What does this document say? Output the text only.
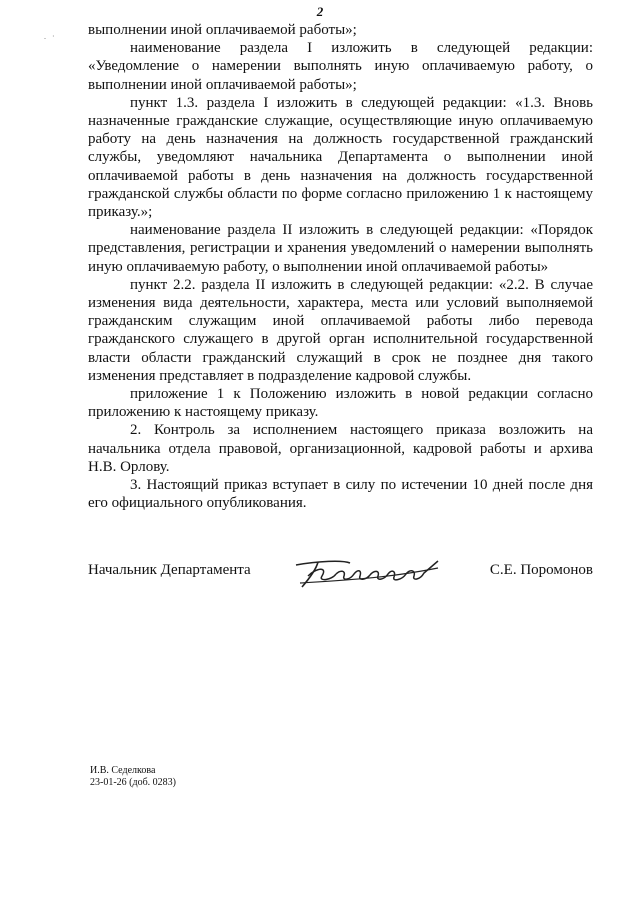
2
. · выполнении иной оплачиваемой работы»;

наименование раздела I изложить в следующей редакции: «Уведомление о намерении выполнять иную оплачиваемую работу, о выполнении иной оплачиваемой работы»;

пункт 1.3. раздела I изложить в следующей редакции: «1.3. Вновь назначенные гражданские служащие, осуществляющие иную оплачиваемую работу на день назначения на должность государственной гражданский службы, уведомляют начальника Департамента о выполнении иной оплачиваемой работы в день назначения на должность государственной гражданской службы области по форме согласно приложению 1 к настоящему приказу.»;

наименование раздела II изложить в следующей редакции: «Порядок представления, регистрации и хранения уведомлений о намерении выполнять иную оплачиваемую работу, о выполнении иной оплачиваемой работы»

пункт 2.2. раздела II изложить в следующей редакции: «2.2. В случае изменения вида деятельности, характера, места или условий выполняемой гражданским служащим иной оплачиваемой работы либо перевода гражданского служащего в другой орган исполнительной государственной власти области гражданский служащий в срок не позднее дня такого изменения представляет в подразделение кадровой службы.

приложение 1 к Положению изложить в новой редакции согласно приложению к настоящему приказу.

2. Контроль за исполнением настоящего приказа возложить на начальника отдела правовой, организационной, кадровой работы и архива Н.В. Орлову.

3. Настоящий приказ вступает в силу по истечении 10 дней после дня его официального опубликования.

Начальник Департамента	С.Е. Поромонов
И.В. Седелкова
23-01-26 (доб. 0283)
